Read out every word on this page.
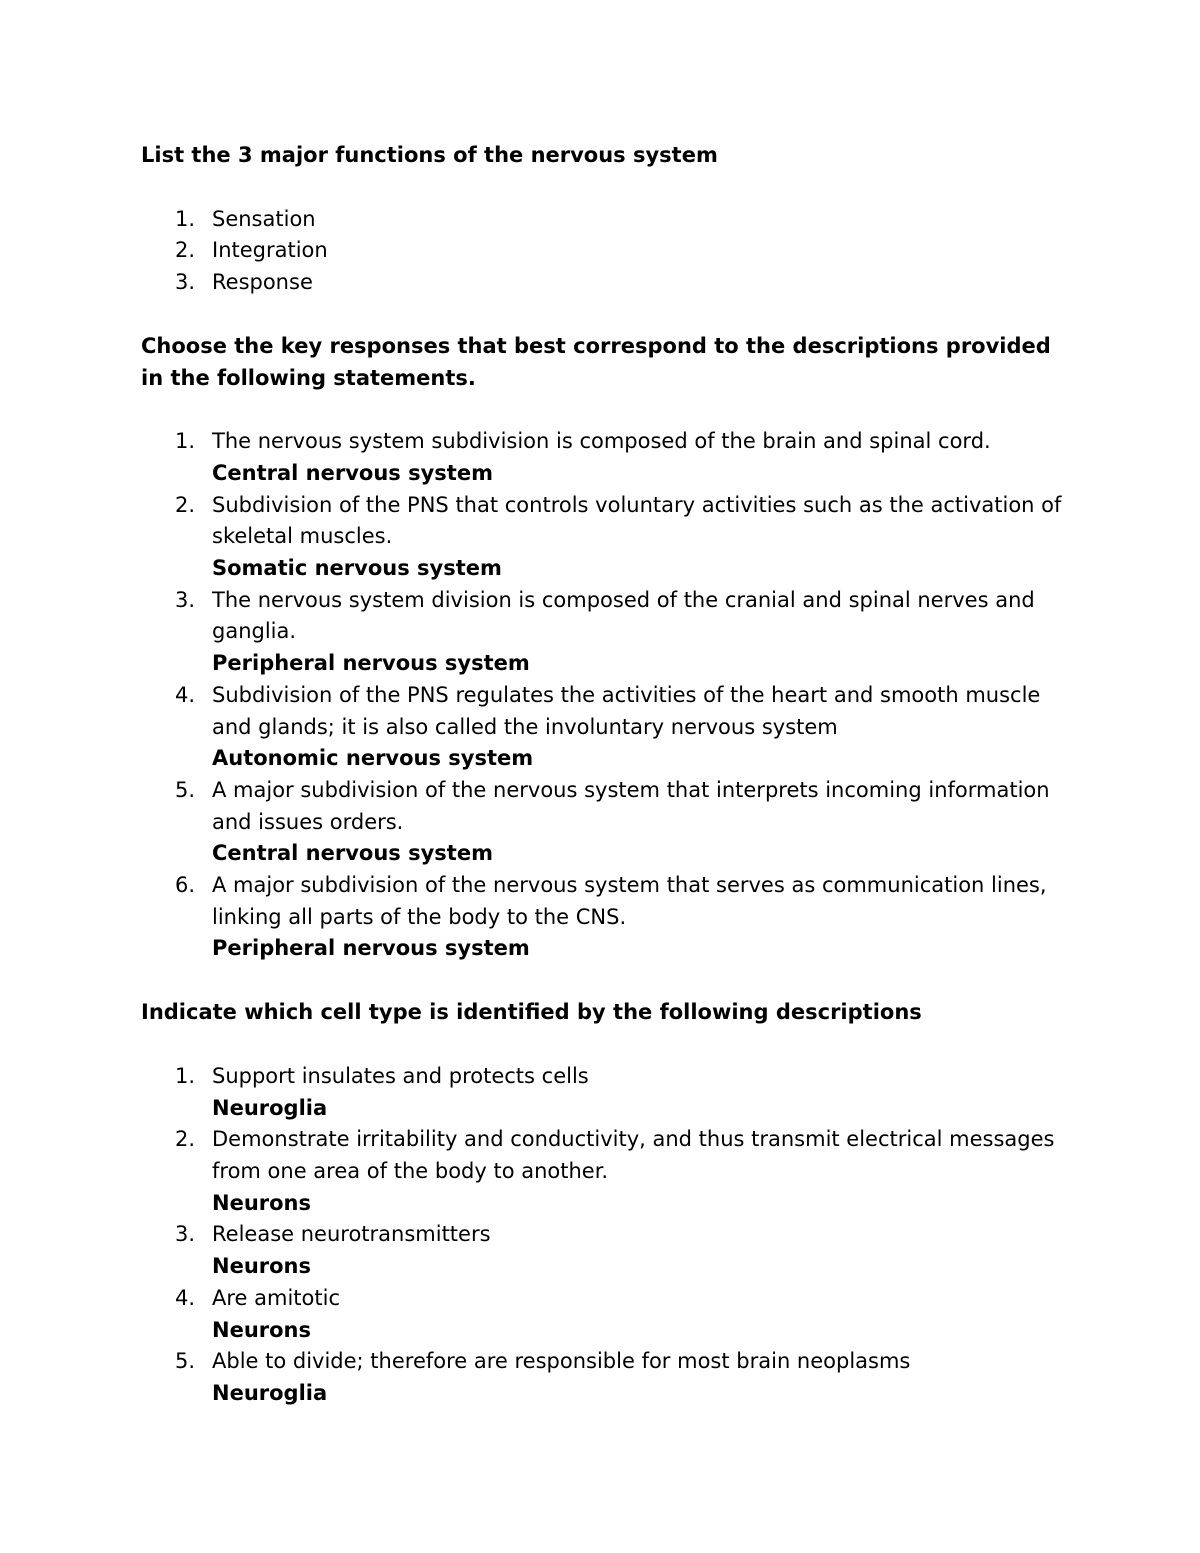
List the 3 major functions of the nervous system

1. Sensation
2. Integration
3. Response

Choose the key responses that best correspond to the descriptions provided in the following statements.

1. The nervous system subdivision is composed of the brain and spinal cord.
Central nervous system
2. Subdivision of the PNS that controls voluntary activities such as the activation of skeletal muscles.
Somatic nervous system
3. The nervous system division is composed of the cranial and spinal nerves and ganglia.
Peripheral nervous system
4. Subdivision of the PNS regulates the activities of the heart and smooth muscle and glands; it is also called the involuntary nervous system
Autonomic nervous system
5. A major subdivision of the nervous system that interprets incoming information and issues orders.
Central nervous system
6. A major subdivision of the nervous system that serves as communication lines, linking all parts of the body to the CNS.
Peripheral nervous system

Indicate which cell type is identified by the following descriptions

1. Support insulates and protects cells
Neuroglia
2. Demonstrate irritability and conductivity, and thus transmit electrical messages from one area of the body to another.
Neurons
3. Release neurotransmitters
Neurons
4. Are amitotic
Neurons
5. Able to divide; therefore are responsible for most brain neoplasms
Neuroglia
